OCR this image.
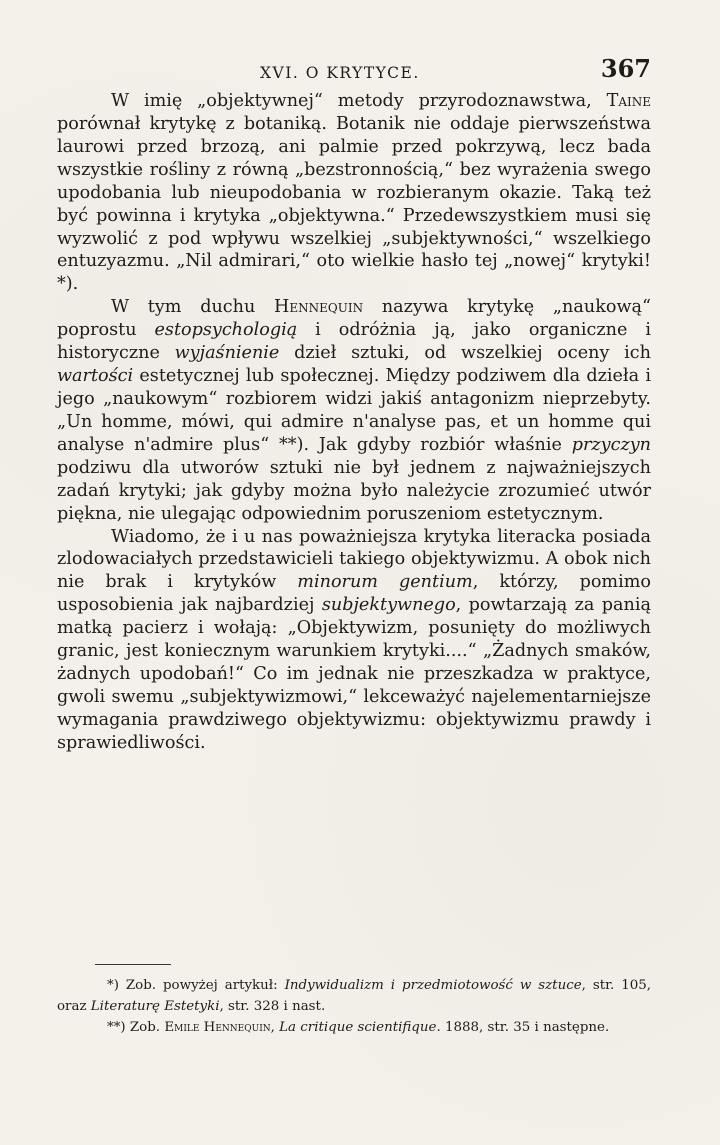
XVI. O KRYTYCE.	367

W imię „objektywnej“ metody przyrodoznawstwa, Taine porównał krytykę z botaniką. Botanik nie oddaje pierwszeństwa laurowi przed brzozą, ani palmie przed pokrzywą, lecz bada wszystkie rośliny z równą „bezstronnością,“ bez wyrażenia swego upodobania lub nieupodobania w rozbieranym okazie. Taką też być powinna i krytyka „objektywna.“ Przedewszystkiem musi się wyzwolić z pod wpływu wszelkiej „subjektywności,“ wszelkiego entuzyazmu. „Nil admirari,“ oto wielkie hasło tej „nowej“ krytyki! *).

W tym duchu Hennequin nazywa krytykę „naukową“ poprostu estopsychologią i odróżnia ją, jako organiczne i historyczne wyjaśnienie dzieł sztuki, od wszelkiej oceny ich wartości estetycznej lub społecznej. Między podziwem dla dzieła i jego „naukowym“ rozbiorem widzi jakiś antagonizm nieprzebyty. „Un homme, mówi, qui admire n'analyse pas, et un homme qui analyse n'admire plus“ **). Jak gdyby rozbiór właśnie przyczyn podziwu dla utworów sztuki nie był jednem z najważniejszych zadań krytyki; jak gdyby można było należycie zrozumieć utwór piękna, nie ulegając odpowiednim poruszeniom estetycznym.

Wiadomo, że i u nas poważniejsza krytyka literacka posiada zlodowaciałych przedstawicieli takiego objektywizmu. A obok nich nie brak i krytyków minorum gentium, którzy, pomimo usposobienia jak najbardziej subjektywnego, powtarzają za panią matką pacierz i wołają: „Objektywizm, posunięty do możliwych granic, jest koniecznym warunkiem krytyki....“ „Żadnych smaków, żadnych upodobań!“ Co im jednak nie przeszkadza w praktyce, gwoli swemu „subjektywizmowi,“ lekceważyć najelementarniejsze wymagania prawdziwego objektywizmu: objektywizmu prawdy i sprawiedliwości.

*) Zob. powyżej artykuł: Indywidualizm i przedmiotowość w sztuce, str. 105, oraz Literaturę Estetyki, str. 328 i nast.

**) Zob. Emile Hennequin, La critique scientifique. 1888, str. 35 i następne.
